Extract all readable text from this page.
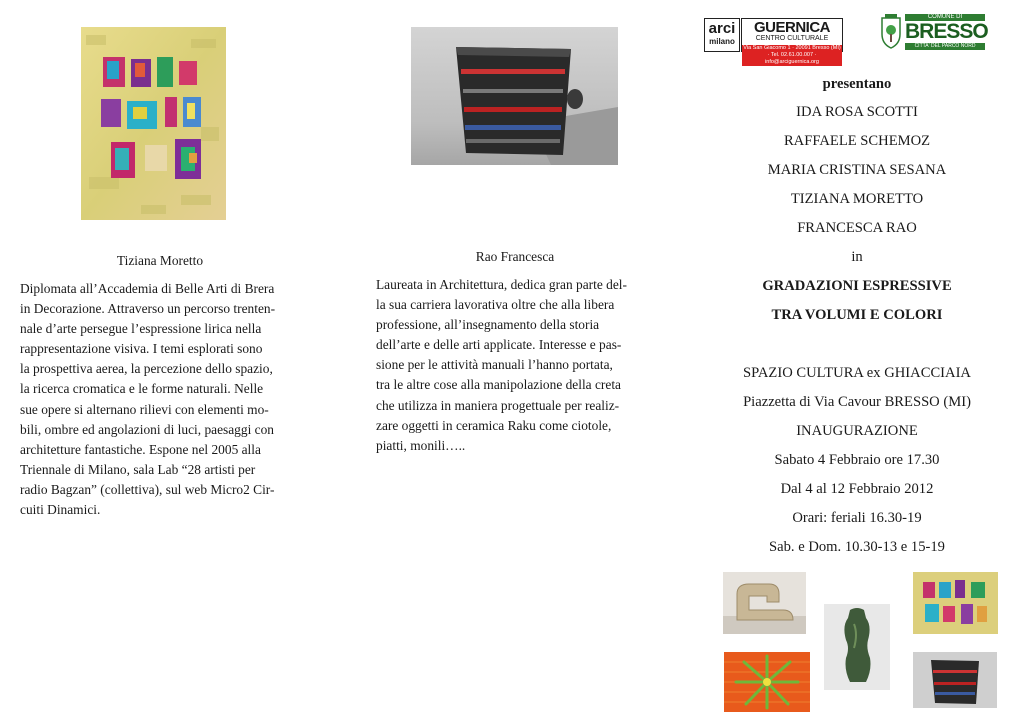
Tiziana Moretto
Diplomata all’Accademia di Belle Arti di Brera
in Decorazione. Attraverso un percorso trenten-
nale d’arte persegue l’espressione lirica nella
rappresentazione visiva. I temi esplorati sono
la prospettiva aerea, la percezione dello spazio,
la ricerca cromatica e le forme naturali. Nelle
sue opere si alternano rilievi con elementi mo-
bili, ombre ed angolazioni di luci, paesaggi con
architetture fantastiche. Espone nel 2005 alla
Triennale di Milano, sala Lab “28 artisti per
radio Bagzan” (collettiva), sul web Micro2 Cir-
cuiti Dinamici.
Rao Francesca
Laureata in Architettura, dedica gran parte del-
la sua carriera lavorativa oltre che alla libera
professione, all’insegnamento della storia
dell’arte e delle arti applicate. Interesse e pas-
sione per le attività manuali l’hanno portata,
tra le altre cose alla manipolazione della creta
che utilizza in maniera progettuale per realiz-
zare oggetti in ceramica Raku come ciotole,
piatti, monili…..
arci
milano
GUERNICA
CENTRO CULTURALE
Via San Giacomo 1 · 20091 Bresso (MI) · Tel. 02.61.00.007 · info@arciguernica.org
COMUNE DI
BRESSO
CITTA' DEL PARCO NORD
presentano
IDA ROSA SCOTTI
RAFFAELE SCHEMOZ
MARIA CRISTINA SESANA
TIZIANA MORETTO
FRANCESCA RAO
in
GRADAZIONI ESPRESSIVE
TRA VOLUMI E COLORI
SPAZIO CULTURA ex GHIACCIAIA
Piazzetta di Via Cavour BRESSO (MI)
INAUGURAZIONE
Sabato 4 Febbraio ore 17.30
Dal 4 al 12 Febbraio 2012
Orari: feriali 16.30-19
Sab. e Dom. 10.30-13 e 15-19
